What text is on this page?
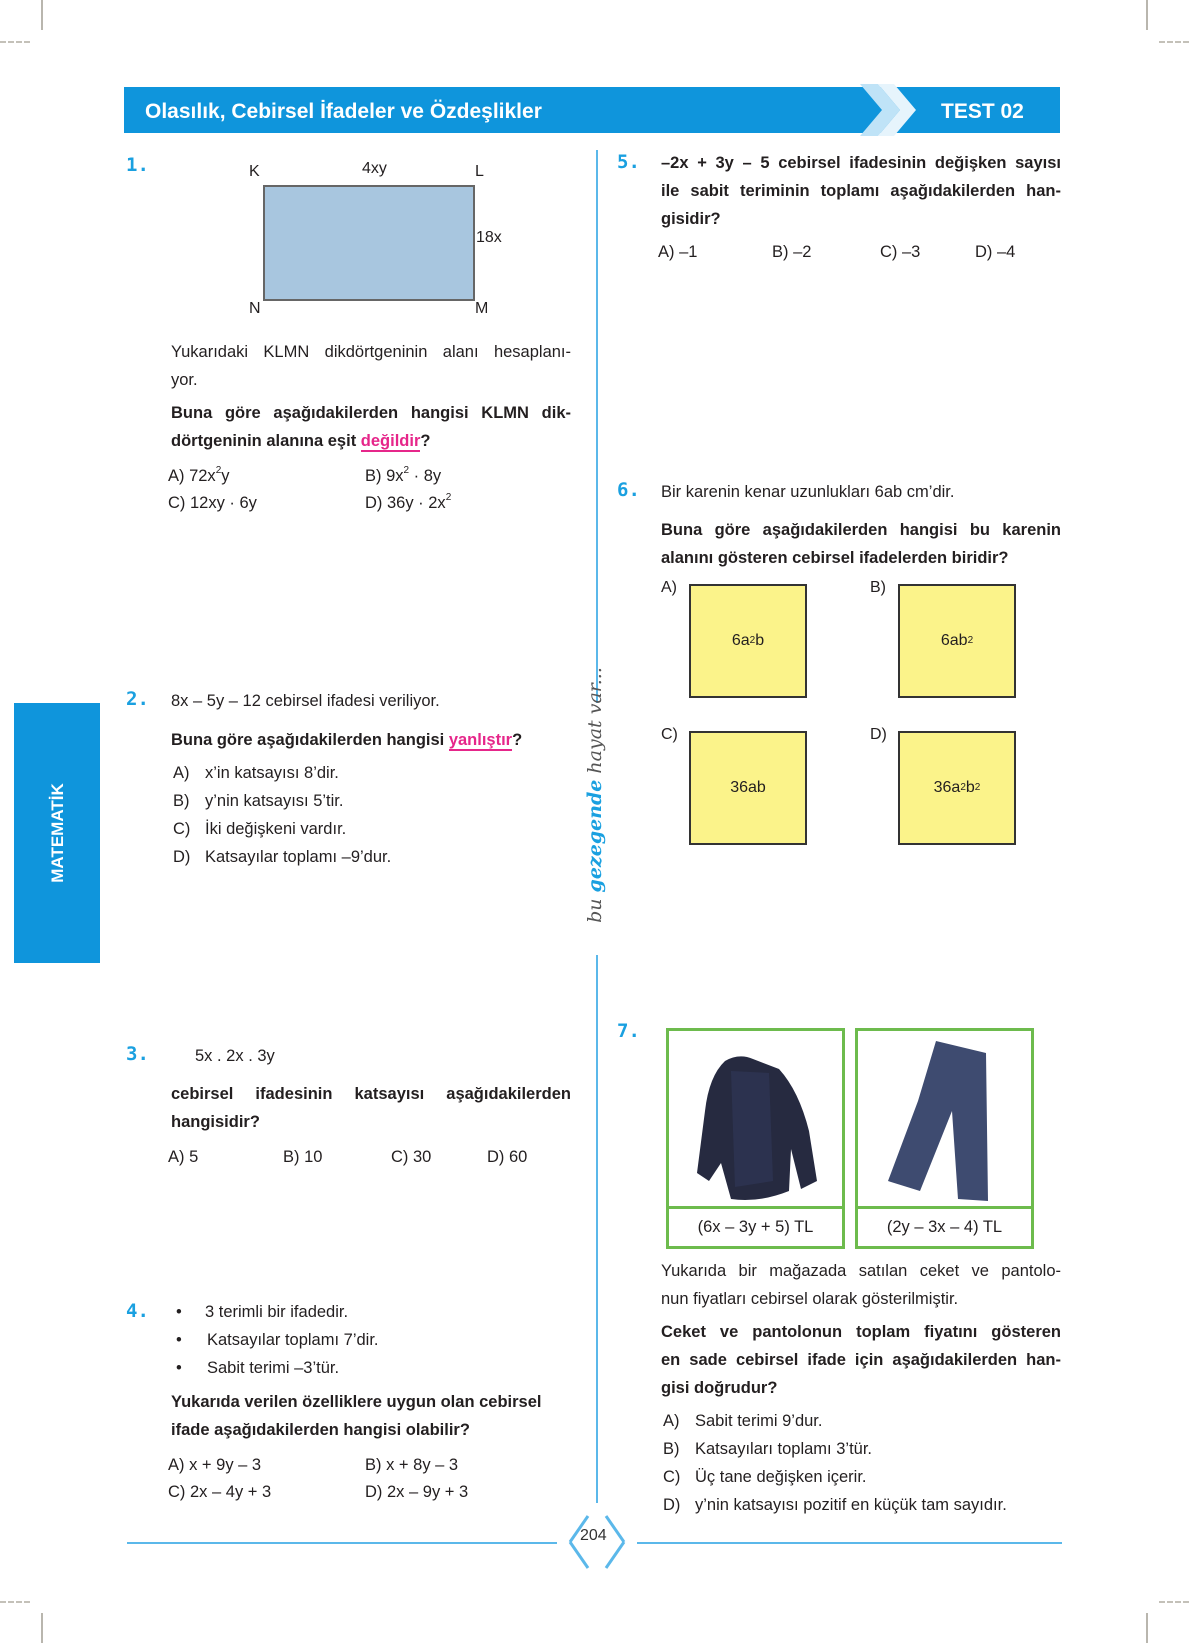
Olasılık, Cebirsel İfadeler ve Özdeşlikler	TEST 02
MATEMATİK
bu gezegende hayat var...
1.	K	4xy	L
18x
N	M
Yukarıdaki KLMN dikdörtgeninin alanı hesaplanı-
yor.
Buna göre aşağıdakilerden hangisi KLMN dik-
dörtgeninin alanına eşit değildir?
A) $72x^2y$	B) $9x^2 \cdot 8y$
C) 12xy · 6y	D) $36y \cdot 2x^2$
2. 8x – 5y – 12 cebirsel ifadesi veriliyor.
Buna göre aşağıdakilerden hangisi yanlıştır?
A) x’in katsayısı 8’dir.
B) y’nin katsayısı 5’tir.
C) İki değişkeni vardır.
D) Katsayılar toplamı –9’dur.
3.	5x . 2x . 3y
cebirsel ifadesinin katsayısı aşağıdakilerden
hangisidir?
A) 5	B) 10	C) 30	D) 60
4. • 3 terimli bir ifadedir.
• Katsayılar toplamı 7’dir.
• Sabit terimi –3’tür.
Yukarıda verilen özelliklere uygun olan cebirsel
ifade aşağıdakilerden hangisi olabilir?
A) x + 9y – 3	B) x + 8y – 3
C) 2x – 4y + 3	D) 2x – 9y + 3
5. –2x + 3y – 5 cebirsel ifadesinin değişken sayısı
ile sabit teriminin toplamı aşağıdakilerden han-
gisidir?
A) –1	B) –2	C) –3	D) –4
6. Bir karenin kenar uzunlukları 6ab cm’dir.
Buna göre aşağıdakilerden hangisi bu karenin
alanını gösteren cebirsel ifadelerden biridir?
A)
6a 2 b
B)
6ab 2
C)
36ab
D)
36a 2 b 2
7.
(6x – 3y + 5) TL	(2y – 3x – 4) TL
Yukarıda bir mağazada satılan ceket ve pantolo-
nun fiyatları cebirsel olarak gösterilmiştir.
Ceket ve pantolonun toplam fiyatını gösteren
en sade cebirsel ifade için aşağıdakilerden han-
gisi doğrudur?
A) Sabit terimi 9’dur.
B) Katsayıları toplamı 3’tür.
C) Üç tane değişken içerir.
D) y’nin katsayısı pozitif en küçük tam sayıdır.
204
